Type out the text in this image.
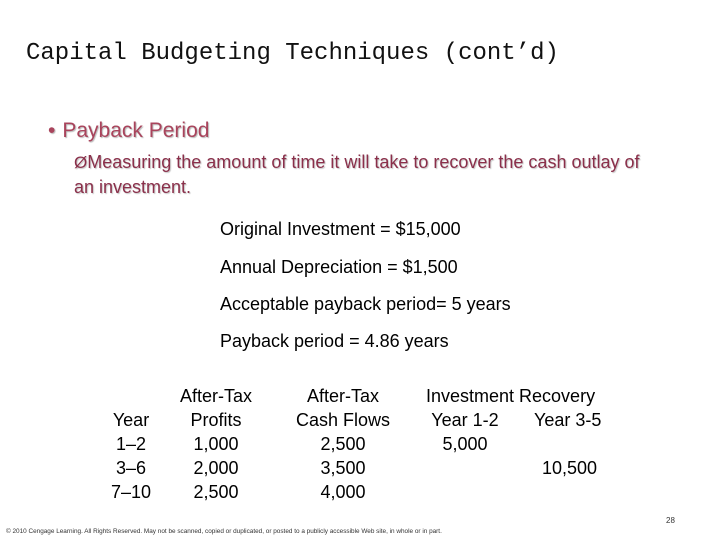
Capital Budgeting Techniques (cont’d)
• Payback Period
ØMeasuring the amount of time it will take to recover the cash outlay of an investment.
Original Investment = $15,000
Annual Depreciation = $1,500
Acceptable payback period= 5 years
Payback period = 4.86 years
Year
1–2
3–6
7–10
After-Tax
Profits
1,000
2,000
2,500
After-Tax
Cash Flows
2,500
3,500
4,000
Investment Recovery
Year 1-2
5,000
Year 3-5
10,500
28
© 2010 Cengage Learning. All Rights Reserved. May not be scanned, copied or duplicated, or posted to a publicly accessible Web site, in whole or in part.
